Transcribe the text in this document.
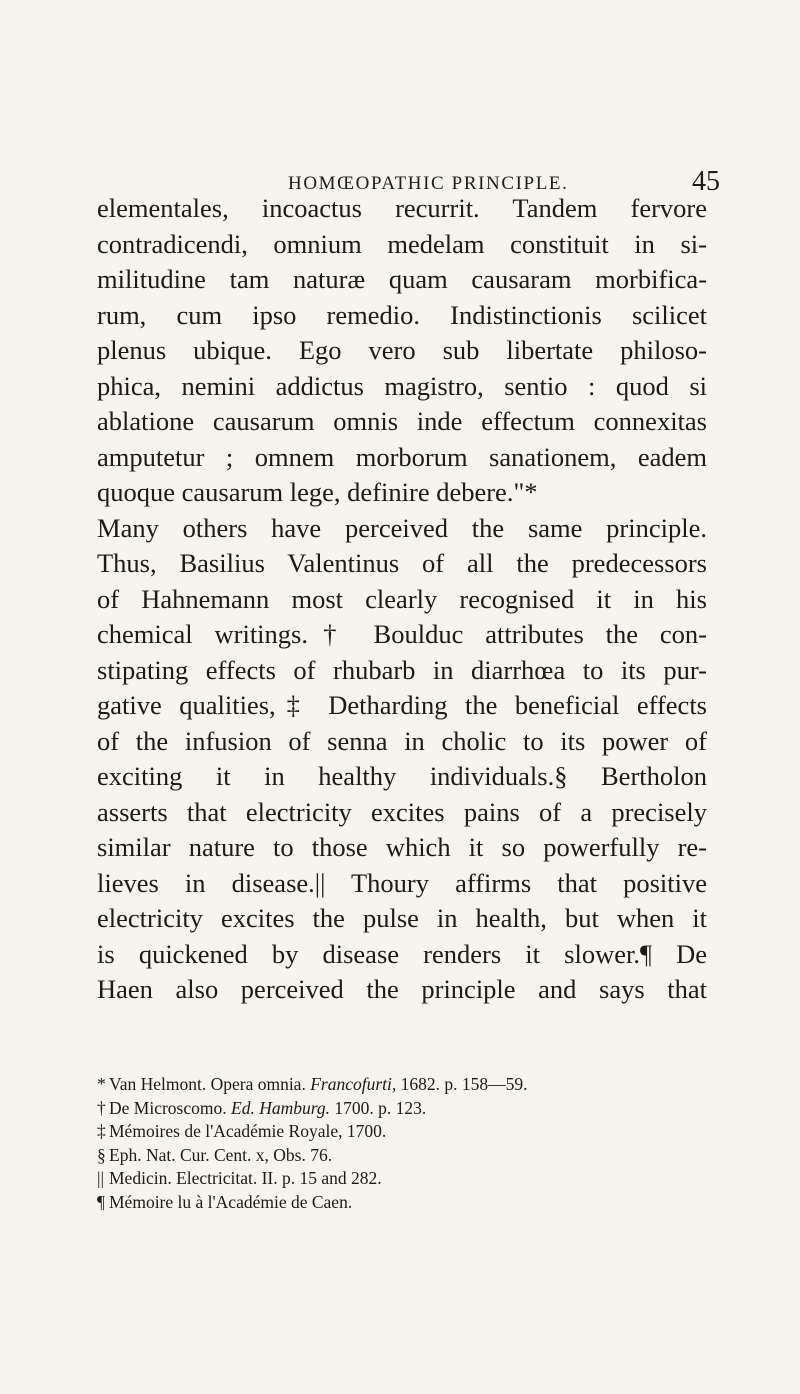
HOMŒOPATHIC PRINCIPLE.	45
elementales, incoactus recurrit. Tandem fervore
contradicendi, omnium medelam constituit in si-
militudine tam naturæ quam causaram morbifica-
rum, cum ipso remedio. Indistinctionis scilicet
plenus ubique. Ego vero sub libertate philoso-
phica, nemini addictus magistro, sentio : quod si
ablatione causarum omnis inde effectum connexitas
amputetur ; omnem morborum sanationem, eadem
quoque causarum lege, definire debere."*
Many others have perceived the same principle.
Thus, Basilius Valentinus of all the predecessors
of Hahnemann most clearly recognised it in his
chemical writings.† Boulduc attributes the con-
stipating effects of rhubarb in diarrhœa to its pur-
gative qualities,‡ Detharding the beneficial effects
of the infusion of senna in cholic to its power of
exciting it in healthy individuals.§ Bertholon
asserts that electricity excites pains of a precisely
similar nature to those which it so powerfully re-
lieves in disease.|| Thoury affirms that positive
electricity excites the pulse in health, but when it
is quickened by disease renders it slower.¶ De
Haen also perceived the principle and says that
* Van Helmont. Opera omnia. Francofurti, 1682. p. 158—59.
† De Microscomo. Ed. Hamburg. 1700. p. 123.
‡ Mémoires de l'Académie Royale, 1700.
§ Eph. Nat. Cur. Cent. x, Obs. 76.
|| Medicin. Electricitat. II. p. 15 and 282.
¶ Mémoire lu à l'Académie de Caen.
